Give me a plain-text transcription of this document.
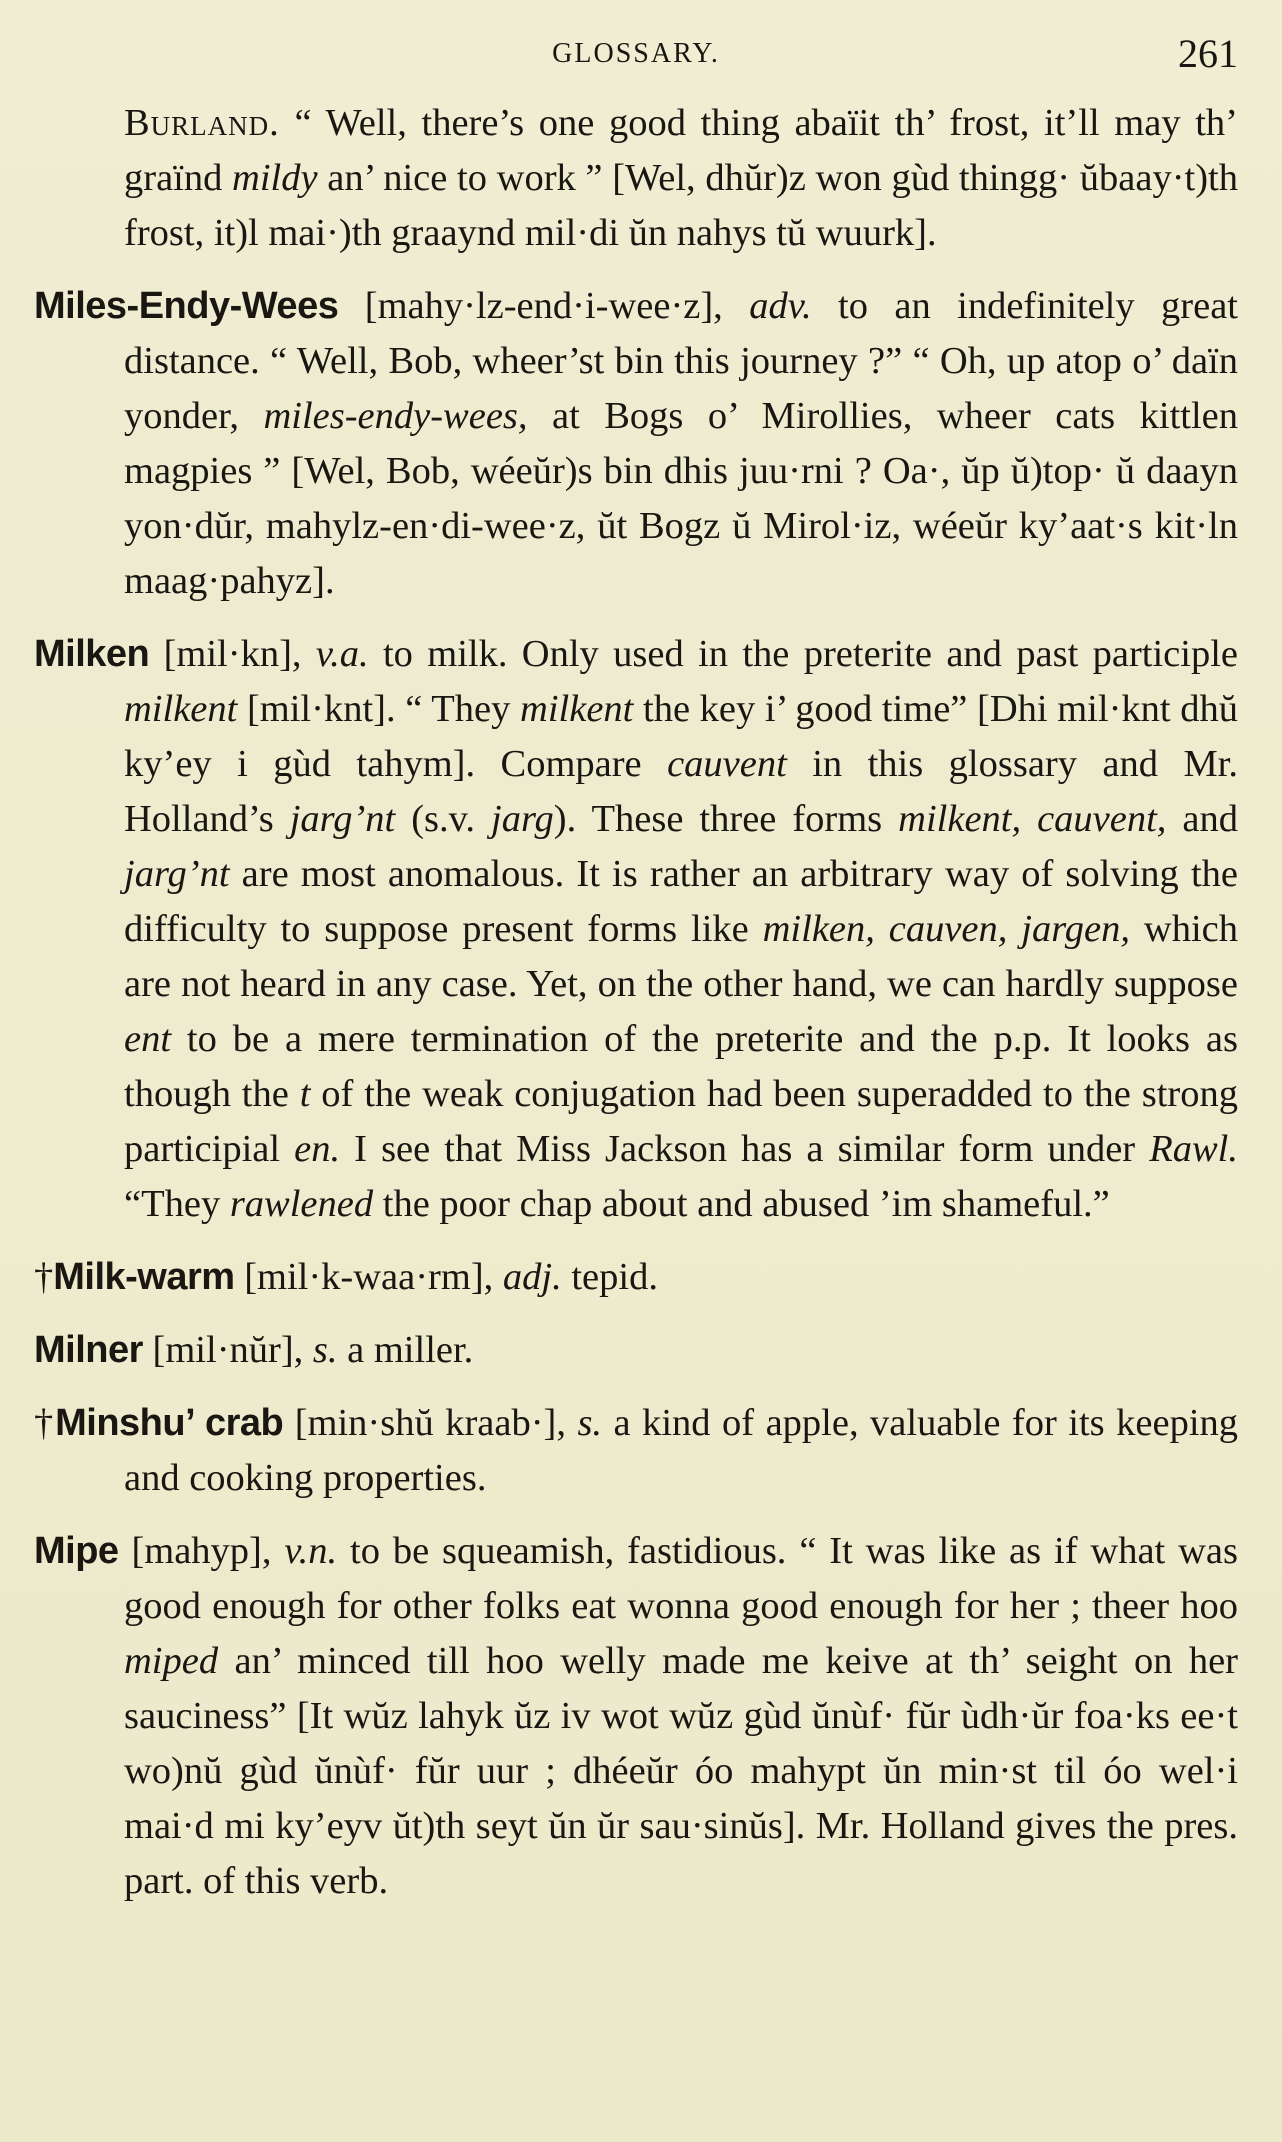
GLOSSARY.	261

Burland. “ Well, there’s one good thing abaïit th’ frost, it’ll may th’ graïnd mildy an’ nice to work ” [Wel, dhŭr)z won gùd thingg· ŭbaay·t)th frost, it)l mai·)th graaynd mil·di ŭn nahys tŭ wuurk].

Miles-Endy-Wees [mahy·lz-end·i-wee·z], adv. to an indefinitely great distance. “ Well, Bob, wheer’st bin this journey ?” “ Oh, up atop o’ daïn yonder, miles-endy-wees, at Bogs o’ Mirollies, wheer cats kittlen magpies ” [Wel, Bob, wéeŭr)s bin dhis juu·rni ? Oa·, ŭp ŭ)top· ŭ daayn yon·dŭr, mahylz-en·di-wee·z, ŭt Bogz ŭ Mirol·iz, wéeŭr ky’aat·s kit·ln maag·pahyz].

Milken [mil·kn], v.a. to milk. Only used in the preterite and past participle milkent [mil·knt]. “ They milkent the key i’ good time” [Dhi mil·knt dhŭ ky’ey i gùd tahym]. Compare cauvent in this glossary and Mr. Holland’s jarg’nt (s.v. jarg). These three forms milkent, cauvent, and jarg’nt are most anomalous. It is rather an arbitrary way of solving the difficulty to suppose present forms like milken, cauven, jargen, which are not heard in any case. Yet, on the other hand, we can hardly suppose ent to be a mere termination of the preterite and the p.p. It looks as though the t of the weak conjugation had been superadded to the strong participial en. I see that Miss Jackson has a similar form under Rawl. “They rawlened the poor chap about and abused ’im shameful.”

†Milk-warm [mil·k-waa·rm], adj. tepid.

Milner [mil·nŭr], s. a miller.

†Minshu’ crab [min·shŭ kraab·], s. a kind of apple, valuable for its keeping and cooking properties.

Mipe [mahyp], v.n. to be squeamish, fastidious. “ It was like as if what was good enough for other folks eat wonna good enough for her ; theer hoo miped an’ minced till hoo welly made me keive at th’ seight on her sauciness” [It wŭz lahyk ŭz iv wot wŭz gùd ŭnùf· fŭr ùdh·ŭr foa·ks ee·t wo)nŭ gùd ŭnùf· fŭr uur ; dhéeŭr óo mahypt ŭn min·st til óo wel·i mai·d mi ky’eyv ŭt)th seyt ŭn ŭr sau·sinŭs]. Mr. Holland gives the pres. part. of this verb.
